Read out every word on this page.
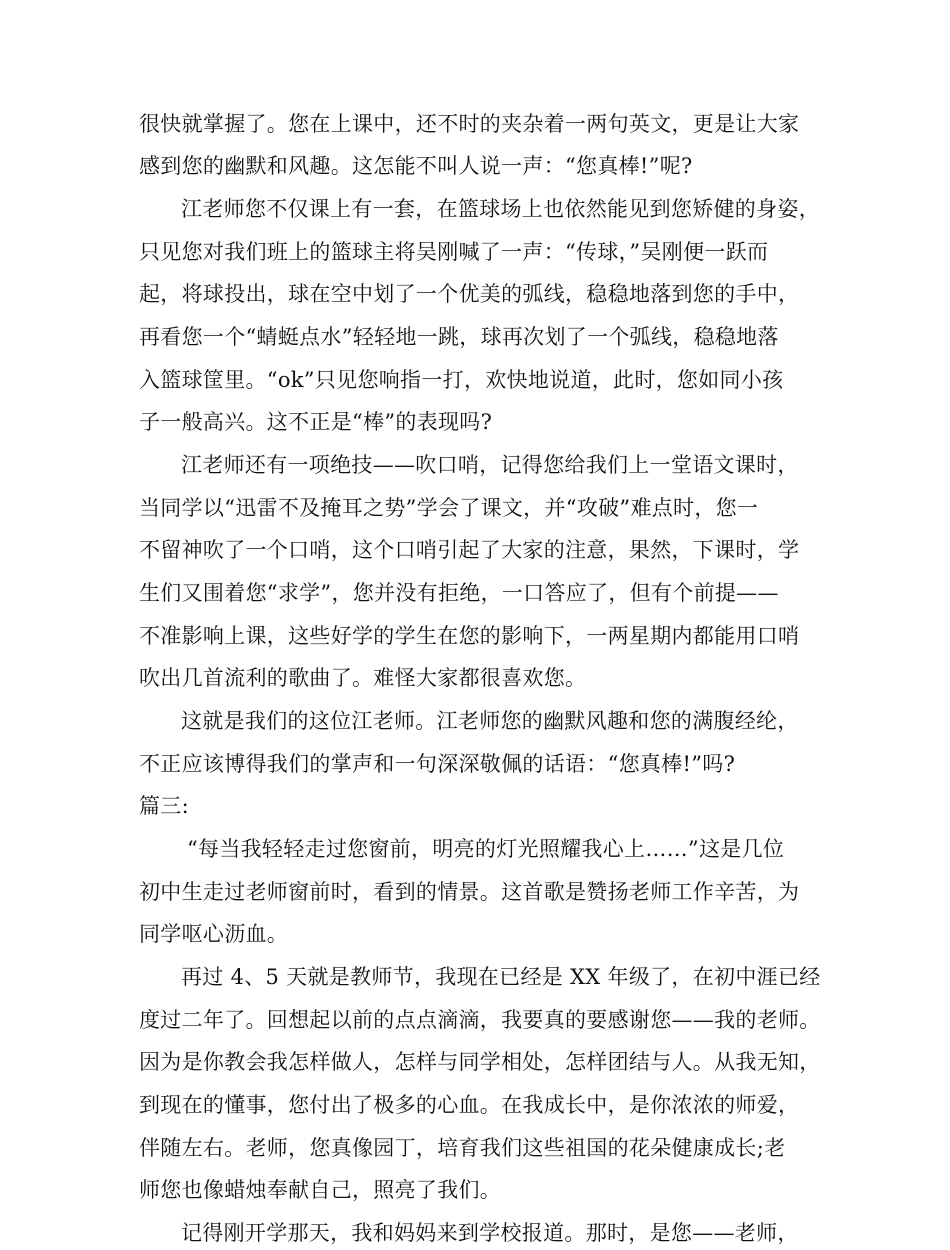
很快就掌握了。您在上课中，还不时的夹杂着一两句英文，更是让大家
感到您的幽默和风趣。这怎能不叫人说一声：“您真棒!”呢?
江老师您不仅课上有一套，在篮球场上也依然能见到您矫健的身姿，
只见您对我们班上的篮球主将吴刚喊了一声：“传球，”吴刚便一跃而
起，将球投出，球在空中划了一个优美的弧线，稳稳地落到您的手中，
再看您一个“蜻蜓点水”轻轻地一跳，球再次划了一个弧线，稳稳地落
入篮球筐里。“ok”只见您响指一打，欢快地说道，此时，您如同小孩
子一般高兴。这不正是“棒”的表现吗?
江老师还有一项绝技——吹口哨，记得您给我们上一堂语文课时，
当同学以“迅雷不及掩耳之势”学会了课文，并“攻破”难点时，您一
不留神吹了一个口哨，这个口哨引起了大家的注意，果然，下课时，学
生们又围着您“求学”，您并没有拒绝，一口答应了，但有个前提——
不准影响上课，这些好学的学生在您的影响下，一两星期内都能用口哨
吹出几首流利的歌曲了。难怪大家都很喜欢您。
这就是我们的这位江老师。江老师您的幽默风趣和您的满腹经纶，
不正应该博得我们的掌声和一句深深敬佩的话语：“您真棒!”吗?
篇三:
“每当我轻轻走过您窗前，明亮的灯光照耀我心上……”这是几位
初中生走过老师窗前时，看到的情景。这首歌是赞扬老师工作辛苦，为
同学呕心沥血。
再过 4、5 天就是教师节，我现在已经是 XX 年级了，在初中涯已经
度过二年了。回想起以前的点点滴滴，我要真的要感谢您——我的老师。
因为是你教会我怎样做人，怎样与同学相处，怎样团结与人。从我无知，
到现在的懂事，您付出了极多的心血。在我成长中，是你浓浓的师爱，
伴随左右。老师，您真像园丁，培育我们这些祖国的花朵健康成长;老
师您也像蜡烛奉献自己，照亮了我们。
记得刚开学那天，我和妈妈来到学校报道。那时，是您——老师，
